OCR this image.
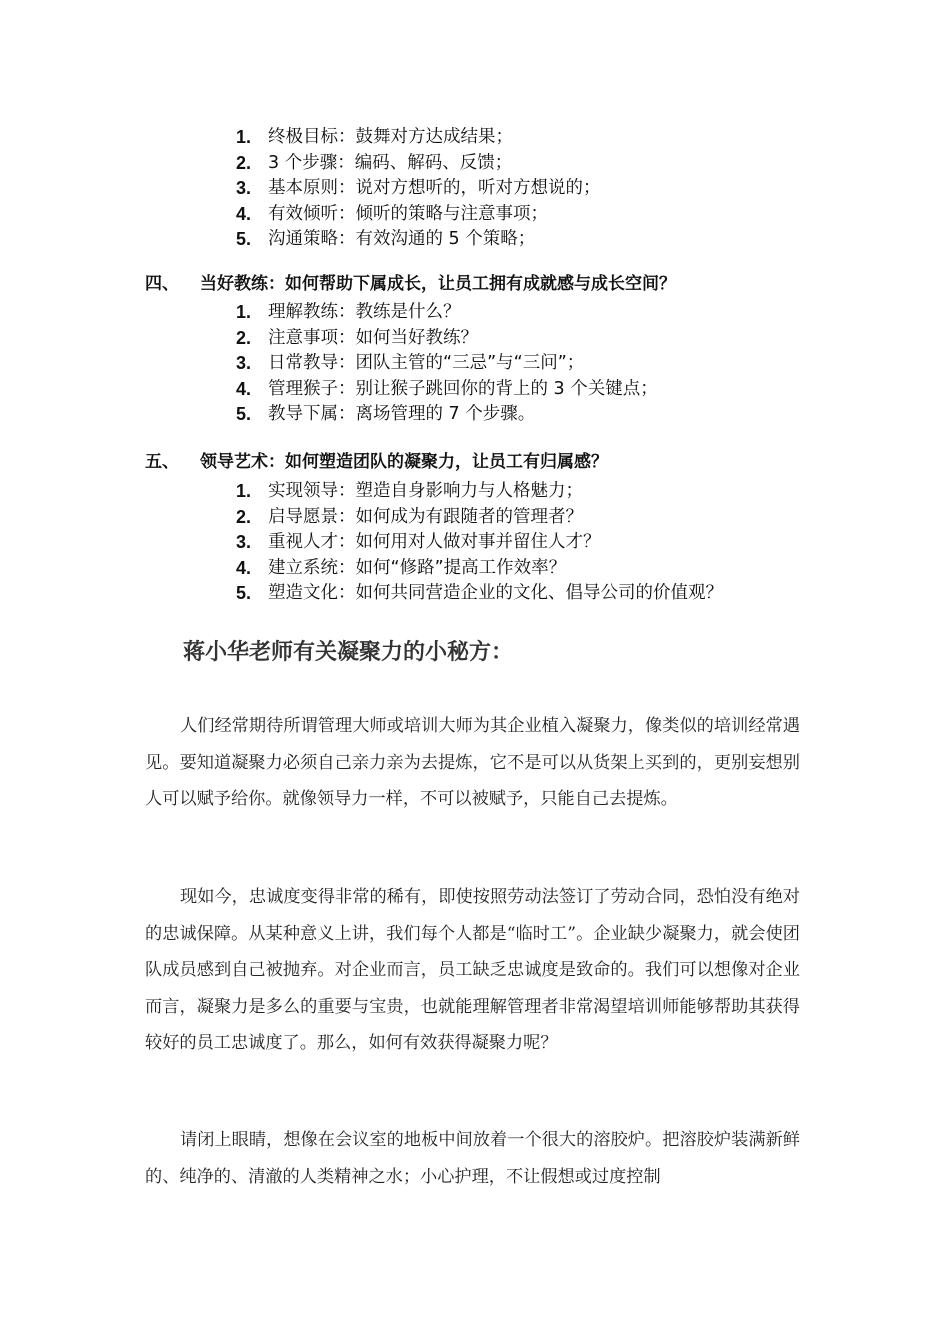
1. 终极目标：鼓舞对方达成结果；
2. 3 个步骤：编码、解码、反馈；
3. 基本原则：说对方想听的，听对方想说的；
4. 有效倾听：倾听的策略与注意事项；
5. 沟通策略：有效沟通的 5 个策略；
四、 当好教练：如何帮助下属成长，让员工拥有成就感与成长空间？
1. 理解教练：教练是什么？
2. 注意事项：如何当好教练？
3. 日常教导：团队主管的“三忌”与“三问”；
4. 管理猴子：别让猴子跳回你的背上的 3 个关键点；
5. 教导下属：离场管理的 7 个步骤。
五、 领导艺术：如何塑造团队的凝聚力，让员工有归属感？
1. 实现领导：塑造自身影响力与人格魅力；
2. 启导愿景：如何成为有跟随者的管理者？
3. 重视人才：如何用对人做对事并留住人才？
4. 建立系统：如何“修路”提高工作效率？
5. 塑造文化：如何共同营造企业的文化、倡导公司的价值观？
蒋小华老师有关凝聚力的小秘方：

人们经常期待所谓管理大师或培训大师为其企业植入凝聚力，像类似的培训经常遇见。要知道凝聚力必须自己亲力亲为去提炼，它不是可以从货架上买到的，更别妄想别人可以赋予给你。就像领导力一样，不可以被赋予，只能自己去提炼。

现如今，忠诚度变得非常的稀有，即使按照劳动法签订了劳动合同，恐怕没有绝对的忠诚保障。从某种意义上讲，我们每个人都是“临时工”。企业缺少凝聚力，就会使团队成员感到自己被抛弃。对企业而言，员工缺乏忠诚度是致命的。我们可以想像对企业而言，凝聚力是多么的重要与宝贵，也就能理解管理者非常渴望培训师能够帮助其获得较好的员工忠诚度了。那么，如何有效获得凝聚力呢？

请闭上眼睛，想像在会议室的地板中间放着一个很大的溶胶炉。把溶胶炉装满新鲜的、纯净的、清澈的人类精神之水；小心护理，不让假想或过度控制
